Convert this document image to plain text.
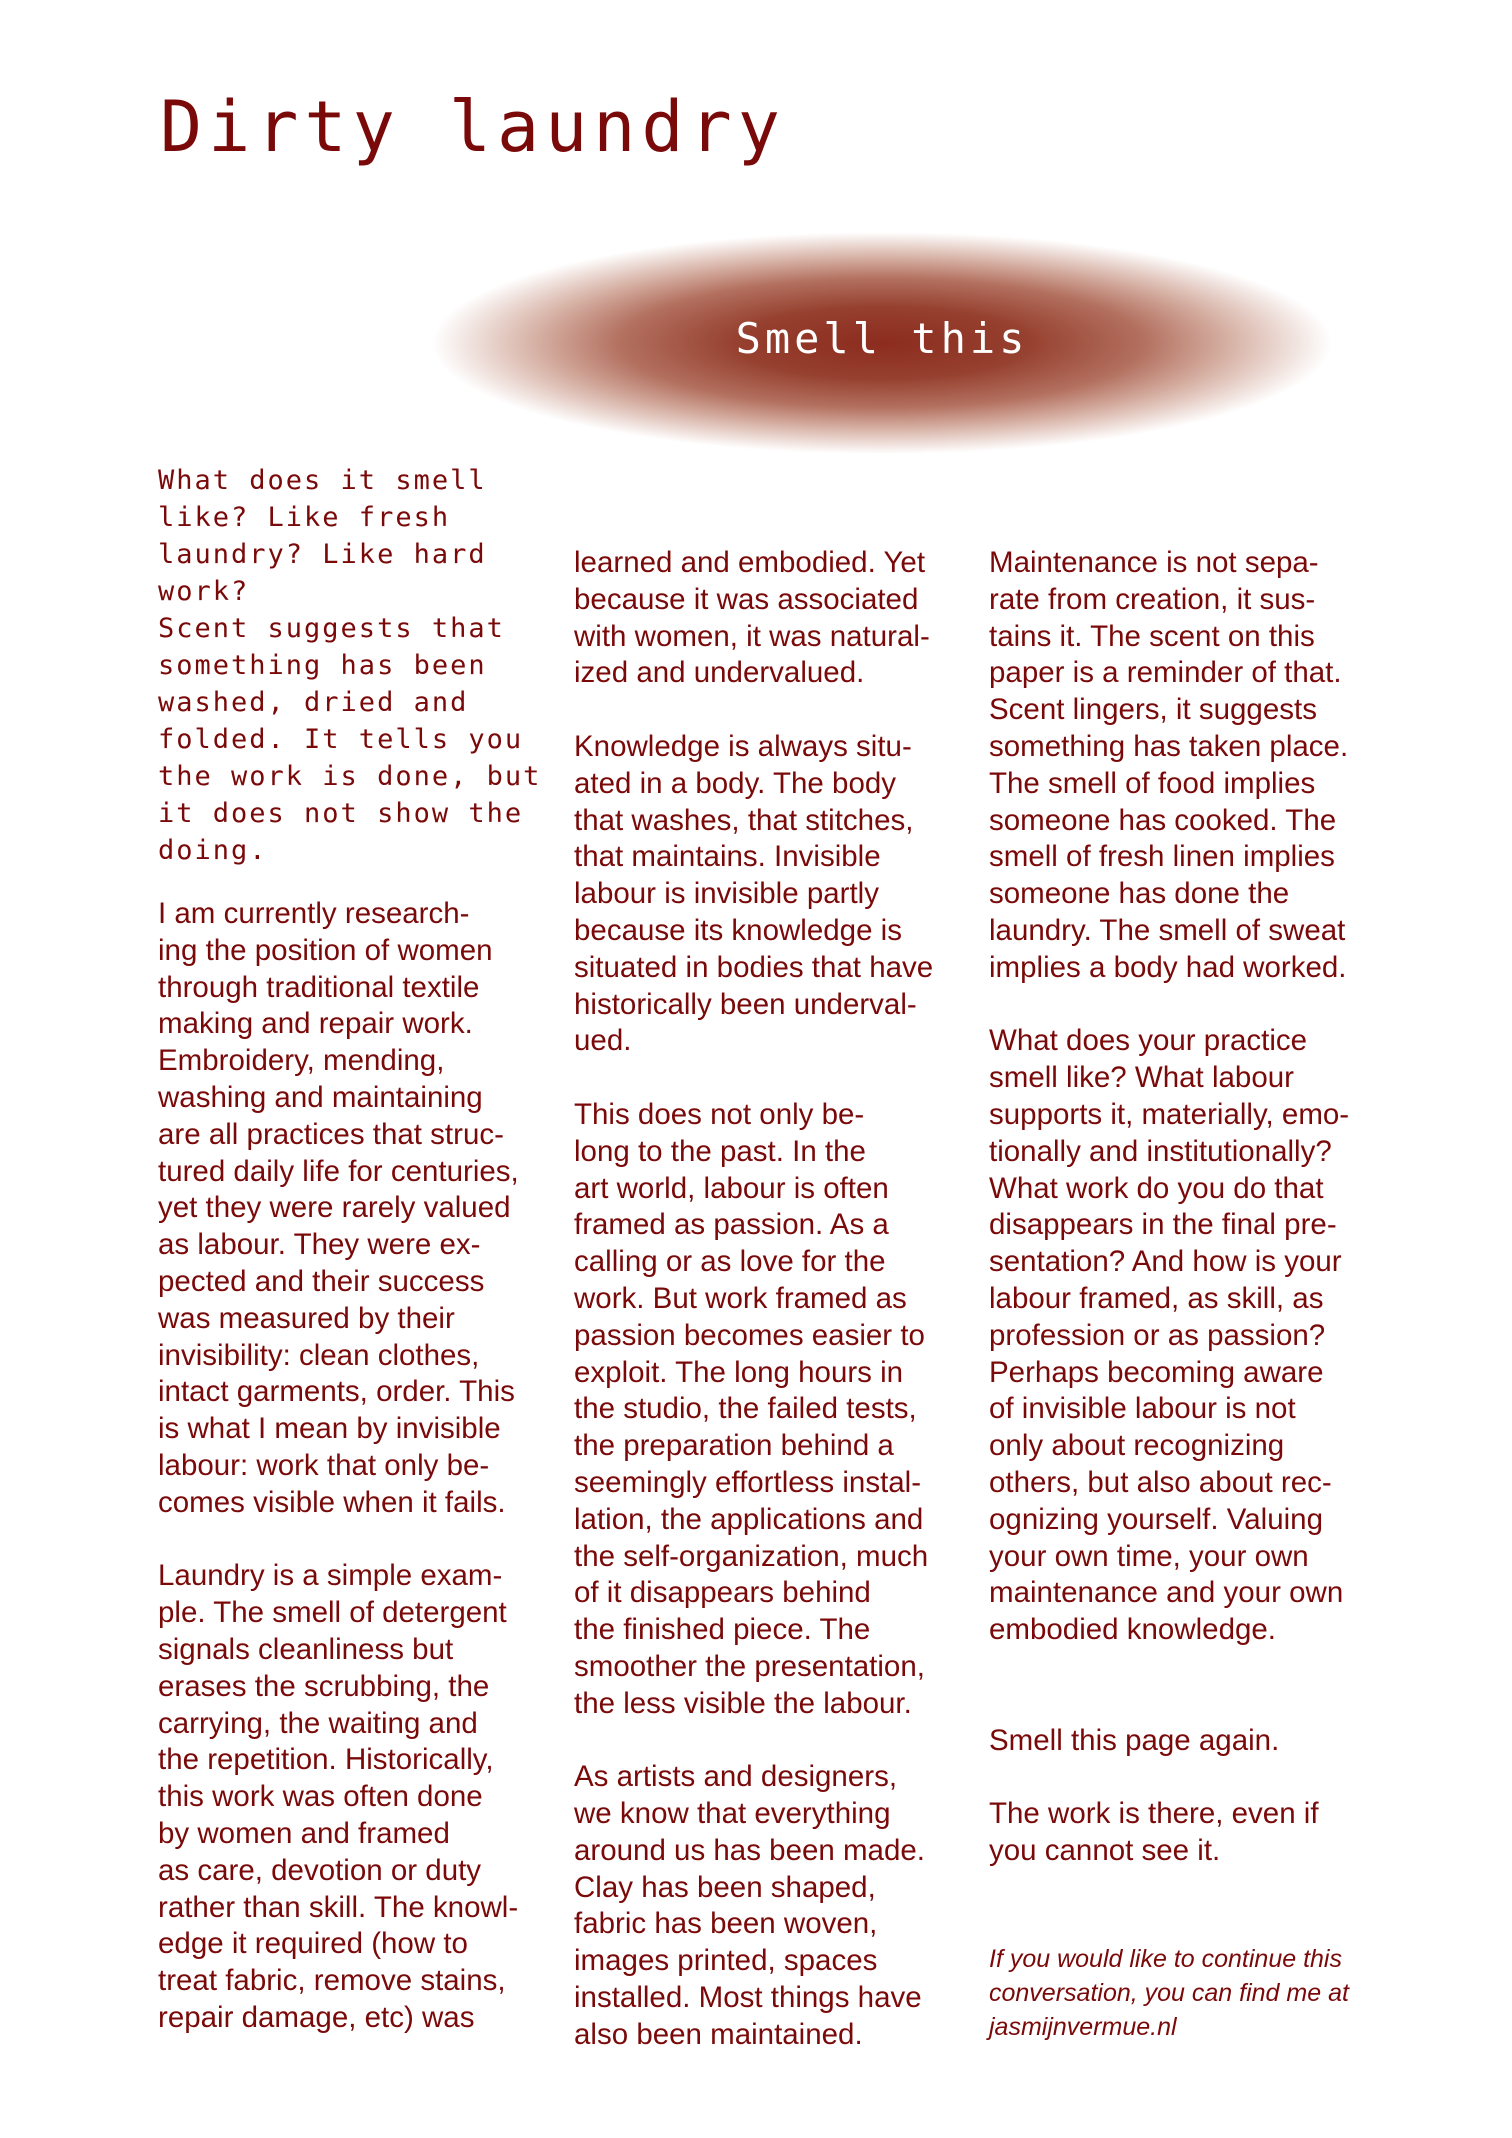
Dirty laundry
Smell this
What does it smell
like? Like fresh
laundry? Like hard
work?
Scent suggests that
something has been
washed, dried and
folded. It tells you
the work is done, but
it does not show the
doing.
I am currently research-
ing the position of women
through traditional textile
making and repair work.
Embroidery, mending,
washing and maintaining
are all practices that struc-
tured daily life for centuries,
yet they were rarely valued
as labour. They were ex-
pected and their success
was measured by their
invisibility: clean clothes,
intact garments, order. This
is what I mean by invisible
labour: work that only be-
comes visible when it fails.
Laundry is a simple exam-
ple. The smell of detergent
signals cleanliness but
erases the scrubbing, the
carrying, the waiting and
the repetition. Historically,
this work was often done
by women and framed
as care, devotion or duty
rather than skill. The knowl-
edge it required (how to
treat fabric, remove stains,
repair damage, etc) was
learned and embodied. Yet
because it was associated
with women, it was natural-
ized and undervalued.
Knowledge is always situ-
ated in a body. The body
that washes, that stitches,
that maintains. Invisible
labour is invisible partly
because its knowledge is
situated in bodies that have
historically been underval-
ued.
This does not only be-
long to the past. In the
art world, labour is often
framed as passion. As a
calling or as love for the
work. But work framed as
passion becomes easier to
exploit. The long hours in
the studio, the failed tests,
the preparation behind a
seemingly effortless instal-
lation, the applications and
the self-organization, much
of it disappears behind
the finished piece. The
smoother the presentation,
the less visible the labour.
As artists and designers,
we know that everything
around us has been made.
Clay has been shaped,
fabric has been woven,
images printed, spaces
installed. Most things have
also been maintained.
Maintenance is not sepa-
rate from creation, it sus-
tains it. The scent on this
paper is a reminder of that.
Scent lingers, it suggests
something has taken place.
The smell of food implies
someone has cooked. The
smell of fresh linen implies
someone has done the
laundry. The smell of sweat
implies a body had worked.
What does your practice
smell like? What labour
supports it, materially, emo-
tionally and institutionally?
What work do you do that
disappears in the final pre-
sentation? And how is your
labour framed, as skill, as
profession or as passion?
Perhaps becoming aware
of invisible labour is not
only about recognizing
others, but also about rec-
ognizing yourself. Valuing
your own time, your own
maintenance and your own
embodied knowledge.
Smell this page again.
The work is there, even if
you cannot see it.
If you would like to continue this
conversation, you can find me at
jasmijnvermue.nl
